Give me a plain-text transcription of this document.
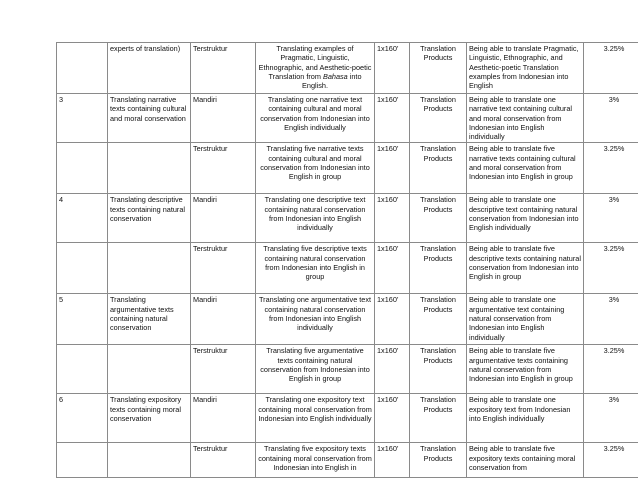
	experts of translation)	Terstruktur	Translating examples of Pragmatic, Linguistic, Ethnographic, and Aesthetic-poetic Translation from Bahasa into English.	1x160’	Translation Products	Being able to translate Pragmatic, Linguistic, Ethnographic, and Aesthetic-poetic Translation examples from Indonesian into English	3.25%
3	Translating narrative texts containing cultural and moral conservation	Mandiri	Translating one narrative text containing cultural and moral conservation from Indonesian into English individually	1x160’	Translation Products	Being able to translate one narrative text containing cultural and moral conservation from Indonesian into English individually	3%
		Terstruktur	Translating five narrative texts containing cultural and moral conservation from Indonesian into English in group	1x160’	Translation Products	Being able to translate five narrative texts containing cultural and moral conservation from Indonesian into English in group	3.25%
4	Translating descriptive texts containing natural conservation	Mandiri	Translating one descriptive text containing natural conservation from Indonesian into English individually	1x160’	Translation Products	Being able to translate one descriptive text containing natural conservation from Indonesian into English individually	3%
		Terstruktur	Translating five descriptive texts containing natural conservation from Indonesian into English in group	1x160’	Translation Products	Being able to translate five descriptive texts containing natural conservation from Indonesian into English in group	3.25%
5	Translating argumentative texts containing natural conservation	Mandiri	Translating one argumentative text containing natural conservation from Indonesian into English individually	1x160’	Translation Products	Being able to translate one argumentative text containing natural conservation from Indonesian into English individually	3%
		Terstruktur	Translating five argumentative texts containing natural conservation from Indonesian into English in group	1x160’	Translation Products	Being able to translate five argumentative texts containing natural conservation from Indonesian into English in group	3.25%
6	Translating expository texts containing moral conservation	Mandiri	Translating one expository text containing moral conservation from Indonesian into English individually	1x160’	Translation Products	Being able to translate one expository text from Indonesian into English individually	3%
		Terstruktur	Translating five expository texts containing moral conservation from Indonesian into English in	1x160’	Translation Products	Being able to translate five expository texts containing moral conservation from	3.25%
